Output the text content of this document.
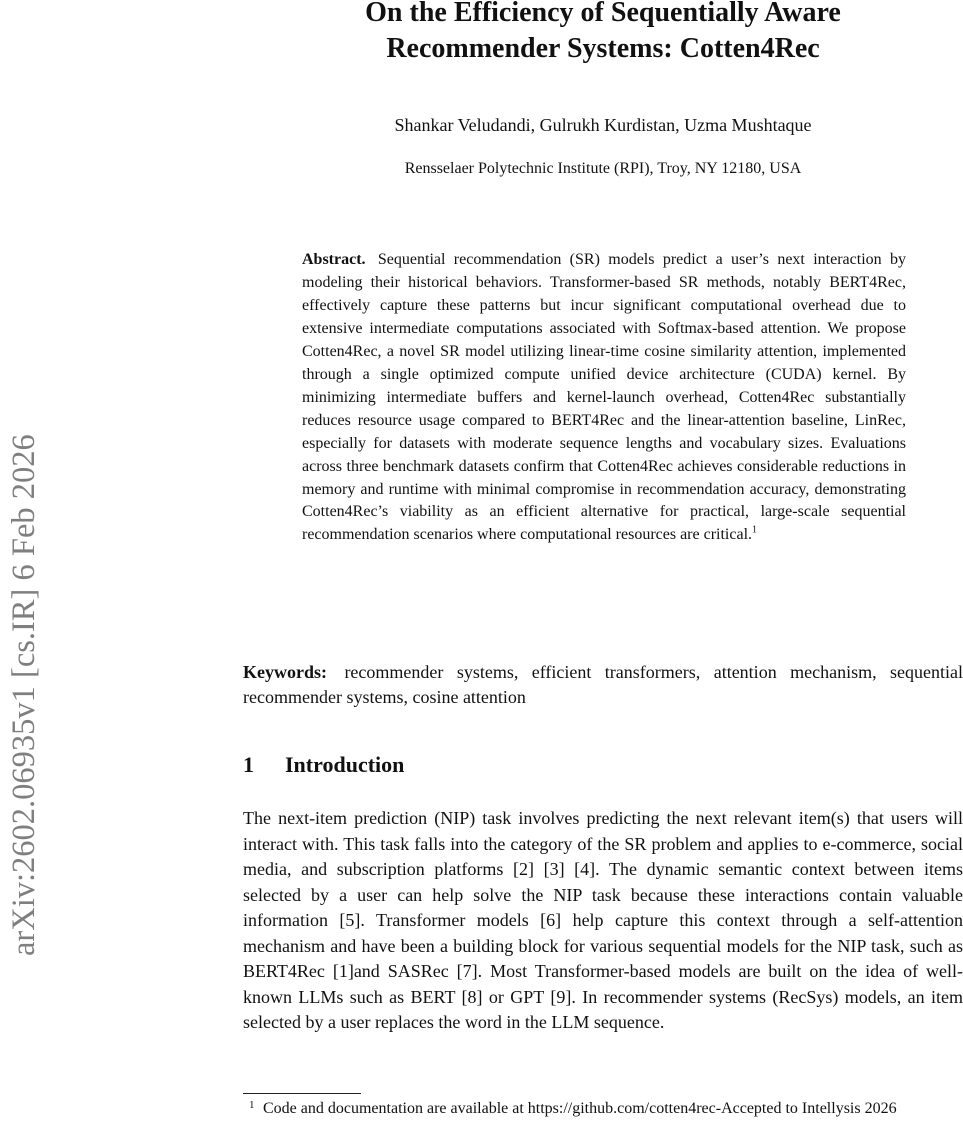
arXiv:2602.06935v1 [cs.IR] 6 Feb 2026
On the Efficiency of Sequentially Aware
Recommender Systems: Cotten4Rec
Shankar Veludandi, Gulrukh Kurdistan, Uzma Mushtaque
Rensselaer Polytechnic Institute (RPI), Troy, NY 12180, USA

Abstract. Sequential recommendation (SR) models predict a user’s next interaction by modeling their historical behaviors. Transformer-based SR methods, notably BERT4Rec, effectively capture these patterns but incur significant computational overhead due to extensive intermediate computations associated with Softmax-based attention. We propose Cotten4Rec, a novel SR model utilizing linear-time cosine similarity attention, implemented through a single optimized compute unified device architecture (CUDA) kernel. By minimizing intermediate buffers and kernel-launch overhead, Cotten4Rec substantially reduces resource usage compared to BERT4Rec and the linear-attention baseline, LinRec, especially for datasets with moderate sequence lengths and vocabulary sizes. Evaluations across three benchmark datasets confirm that Cotten4Rec achieves considerable reductions in memory and runtime with minimal compromise in recommendation accuracy, demonstrating Cotten4Rec’s viability as an efficient alternative for practical, large-scale sequential recommendation scenarios where computational resources are critical.$^1$

Keywords: recommender systems, efficient transformers, attention mechanism, sequential recommender systems, cosine attention

1 Introduction

The next-item prediction (NIP) task involves predicting the next relevant item(s) that users will interact with. This task falls into the category of the SR problem and applies to e-commerce, social media, and subscription platforms [2] [3] [4]. The dynamic semantic context between items selected by a user can help solve the NIP task because these interactions contain valuable information [5]. Transformer models [6] help capture this context through a self-attention mechanism and have been a building block for various sequential models for the NIP task, such as BERT4Rec [1]and SASRec [7]. Most Transformer-based models are built on the idea of well-known LLMs such as BERT [8] or GPT [9]. In recommender systems (RecSys) models, an item selected by a user replaces the word in the LLM sequence.

1 Code and documentation are available at https://github.com/cotten4rec-Accepted to Intellysis 2026
